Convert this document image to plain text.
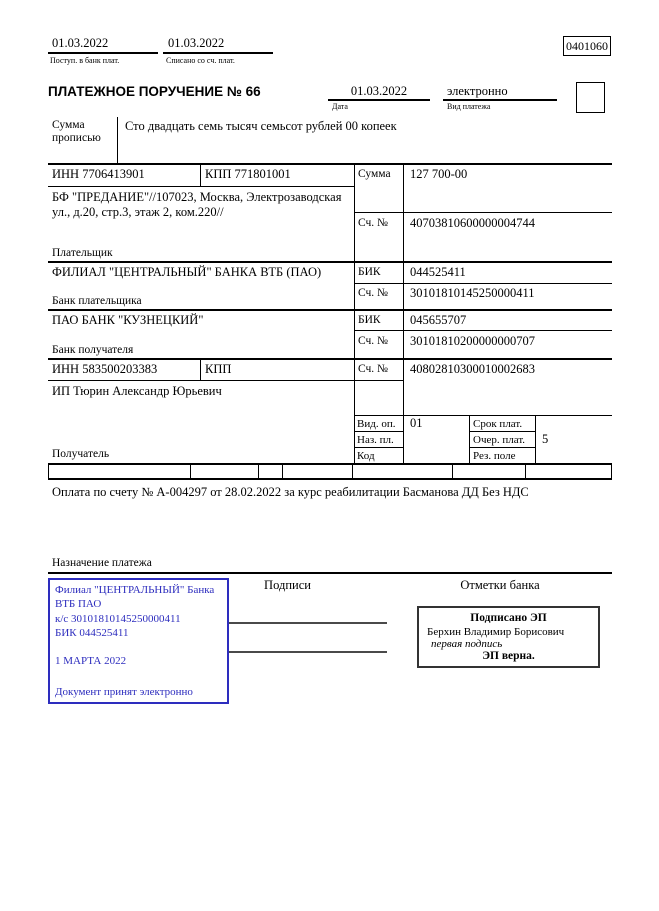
01.03.2022
Поступ. в банк плат.
01.03.2022
Списано со сч. плат.
0401060
ПЛАТЕЖНОЕ ПОРУЧЕНИЕ № 66	01.03.2022
Дата
электронно
Вид платежа
Сумма прописью
Сто двадцать семь тысяч семьсот рублей 00 копеек
ИНН 7706413901	КПП 771801001	Сумма 127 700-00
БФ "ПРЕДАНИЕ"//107023, Москва, Электрозаводская ул., д.20, стр.3, этаж 2, ком.220//
Сч. № 40703810600000004744
Плательщик
ФИЛИАЛ "ЦЕНТРАЛЬНЫЙ" БАНКА ВТБ (ПАО)	БИК 044525411
Сч. № 30101810145250000411
Банк плательщика
ПАО БАНК "КУЗНЕЦКИЙ"	БИК 045655707
Сч. № 30101810200000000707
Банк получателя
ИНН 583500203383	КПП	Сч. № 40802810300010002683
ИП Тюрин Александр Юрьевич
Получатель
Вид. оп. 01	Срок плат.
Наз. пл.	Очер. плат. 5
Код	Рез. поле
Оплата по счету № А-004297 от 28.02.2022 за курс реабилитации Басманова ДД Без НДС
Назначение платежа
Подписи	Отметки банка
Филиал "ЦЕНТРАЛЬНЫЙ" Банка
ВТБ ПАО
к/с 30101810145250000411
БИК 044525411
1 МАРТА 2022
Документ принят электронно
Подписано ЭП
Берхин Владимир Борисович
первая подпись
ЭП верна.
